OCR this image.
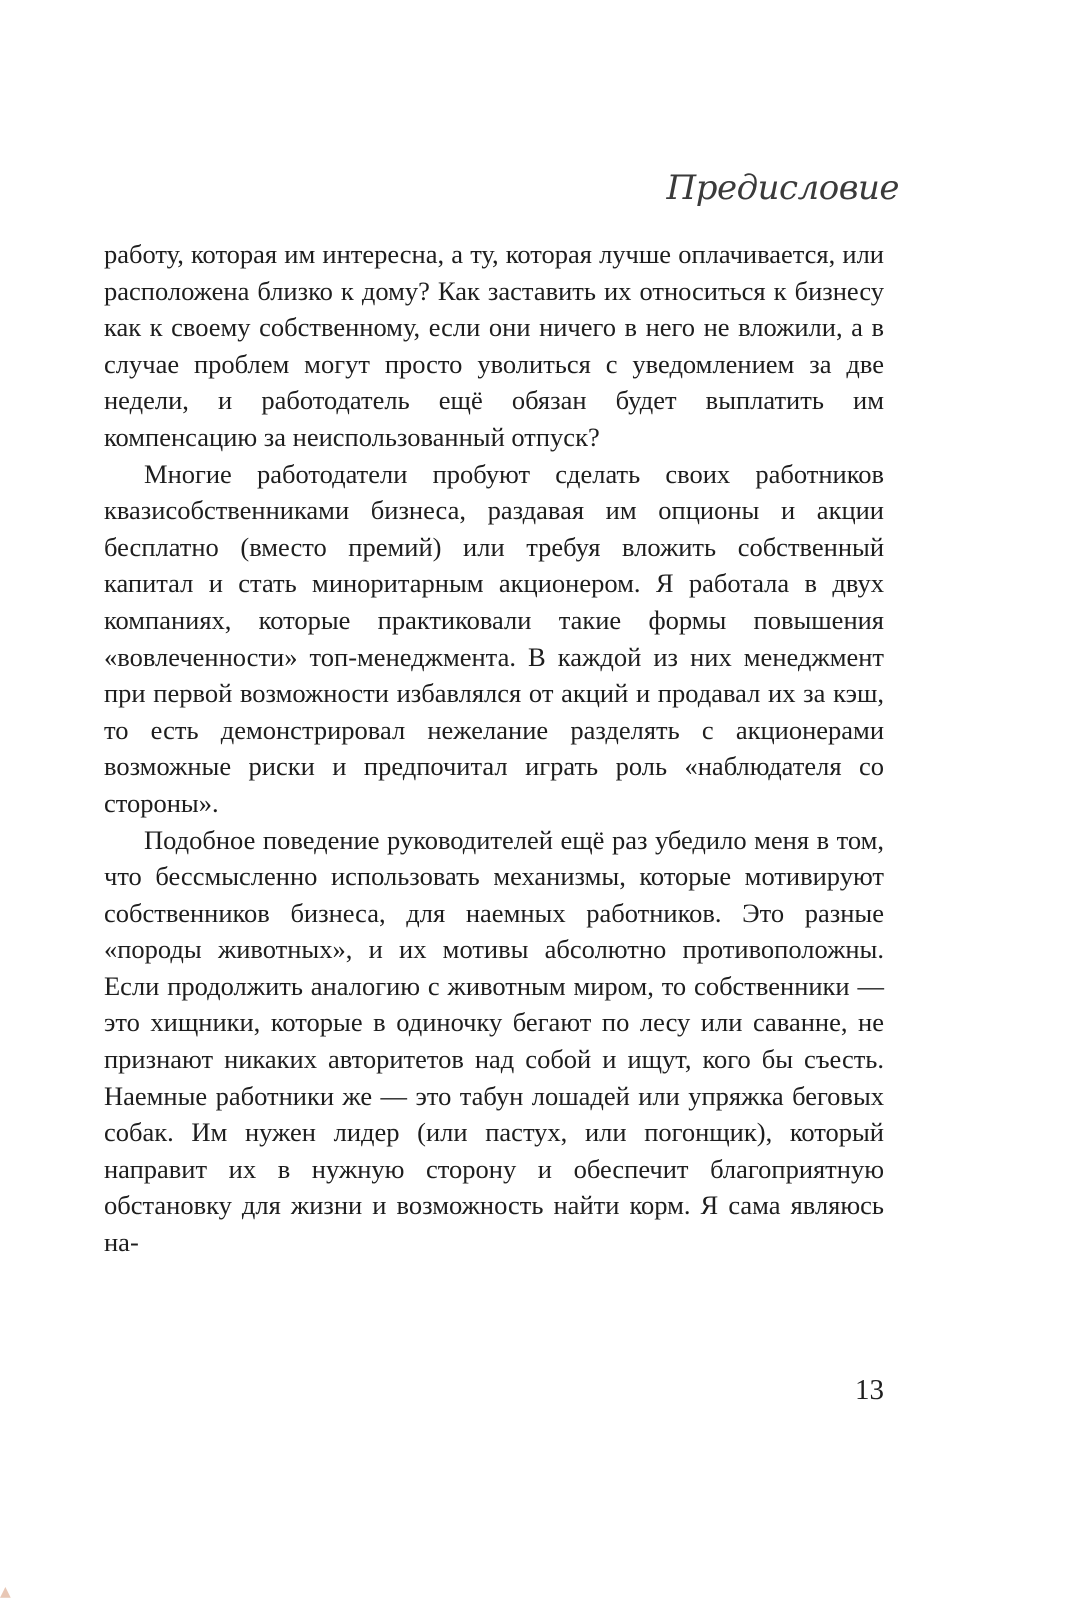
Предисловие

работу, которая им интересна, а ту, которая лучше оплачивается, или расположена близко к дому? Как заставить их относиться к бизнесу как к своему собственному, если они ничего в него не вложили, а в случае проблем могут просто уволиться с уведомлением за две недели, и работодатель ещё обязан будет выплатить им компенсацию за неиспользованный отпуск?

Многие работодатели пробуют сделать своих работников квазисобственниками бизнеса, раздавая им опционы и акции бесплатно (вместо премий) или требуя вложить собственный капитал и стать миноритарным акционером. Я работала в двух компаниях, которые практиковали такие формы повышения «вовлеченности» топ-менеджмента. В каждой из них менеджмент при первой возможности избавлялся от акций и продавал их за кэш, то есть демонстрировал нежелание разделять с акционерами возможные риски и предпочитал играть роль «наблюдателя со стороны».

Подобное поведение руководителей ещё раз убедило меня в том, что бессмысленно использовать механизмы, которые мотивируют собственников бизнеса, для наемных работников. Это разные «породы животных», и их мотивы абсолютно противоположны. Если продолжить аналогию с животным миром, то собственники — это хищники, которые в одиночку бегают по лесу или саванне, не признают никаких авторитетов над собой и ищут, кого бы съесть. Наемные работники же — это табун лошадей или упряжка беговых собак. Им нужен лидер (или пастух, или погонщик), который направит их в нужную сторону и обеспечит благоприятную обстановку для жизни и возможность найти корм. Я сама являюсь на-

13
▲
